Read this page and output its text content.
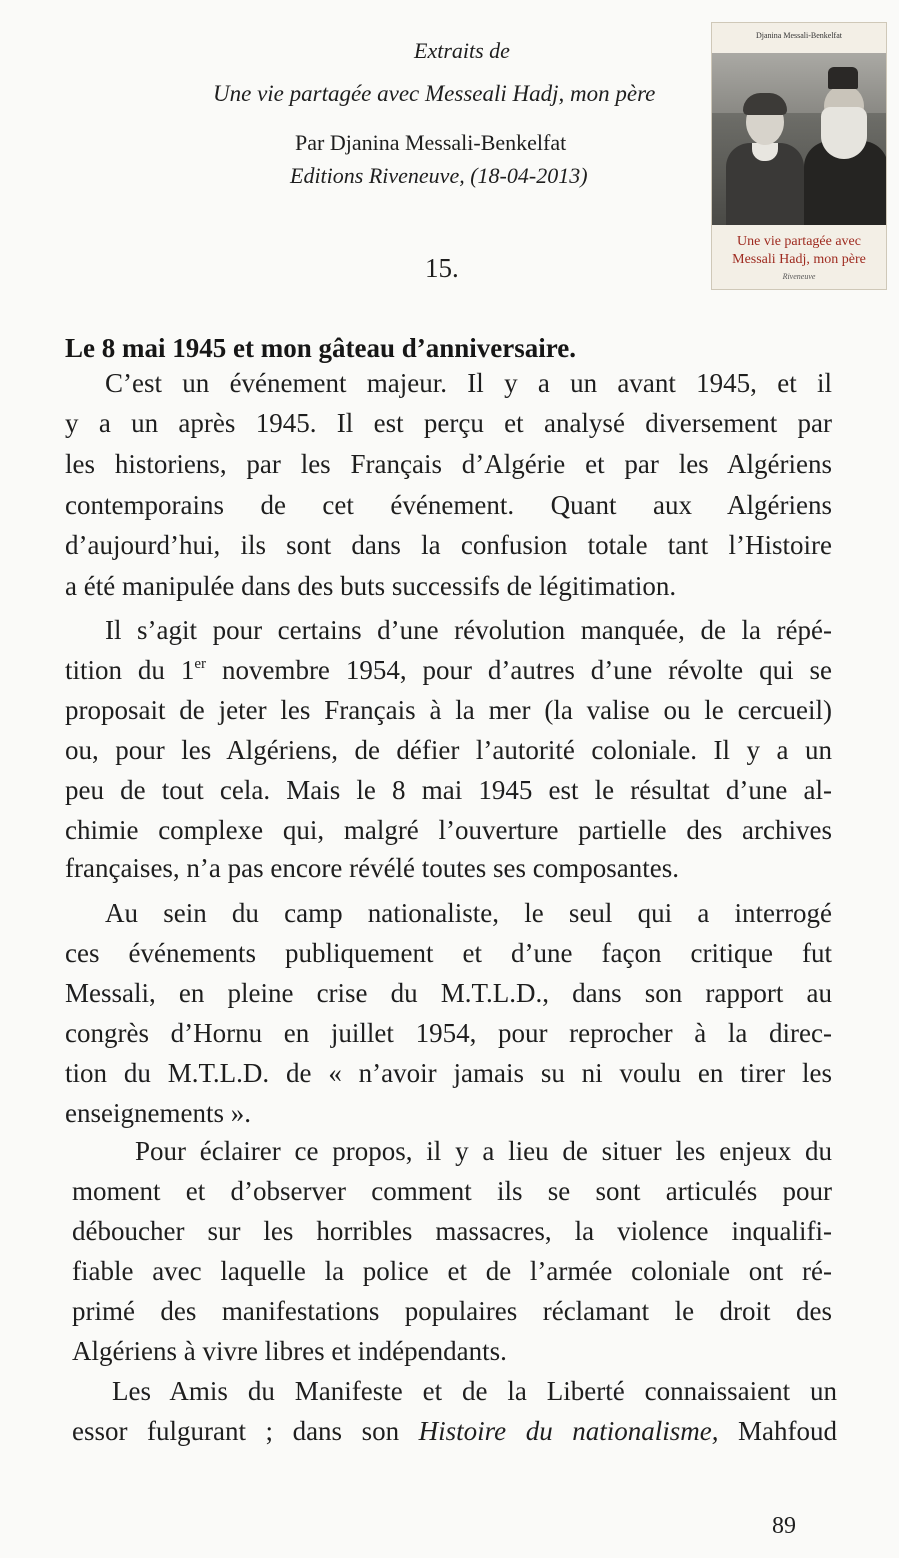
Extraits de
Une vie partagée avec Messeali Hadj, mon père
Par Djanina Messali-Benkelfat
Editions Riveneuve, (18-04-2013)
Djanina Messali-Benkelfat
Une vie partagée avec
Messali Hadj, mon père
Riveneuve
15.
Le 8 mai 1945 et mon gâteau d’anniversaire.
C’est un événement majeur. Il y a un avant 1945, et il
y a un après 1945. Il est perçu et analysé diversement par
les historiens, par les Français d’Algérie et par les Algériens
contemporains de cet événement. Quant aux Algériens
d’aujourd’hui, ils sont dans la confusion totale tant l’Histoire
a été manipulée dans des buts successifs de légitimation.
Il s’agit pour certains d’une révolution manquée, de la répé-
tition du 1er novembre 1954, pour d’autres d’une révolte qui se
proposait de jeter les Français à la mer (la valise ou le cercueil)
ou, pour les Algériens, de défier l’autorité coloniale. Il y a un
peu de tout cela. Mais le 8 mai 1945 est le résultat d’une al-
chimie complexe qui, malgré l’ouverture partielle des archives
françaises, n’a pas encore révélé toutes ses composantes.
Au sein du camp nationaliste, le seul qui a interrogé
ces événements publiquement et d’une façon critique fut
Messali, en pleine crise du M.T.L.D., dans son rapport au
congrès d’Hornu en juillet 1954, pour reprocher à la direc-
tion du M.T.L.D. de « n’avoir jamais su ni voulu en tirer les
enseignements ».
Pour éclairer ce propos, il y a lieu de situer les enjeux du
moment et d’observer comment ils se sont articulés pour
déboucher sur les horribles massacres, la violence inqualifi-
fiable avec laquelle la police et de l’armée coloniale ont ré-
primé des manifestations populaires réclamant le droit des
Algériens à vivre libres et indépendants.
Les Amis du Manifeste et de la Liberté connaissaient un
essor fulgurant ; dans son Histoire du nationalisme, Mahfoud
89
